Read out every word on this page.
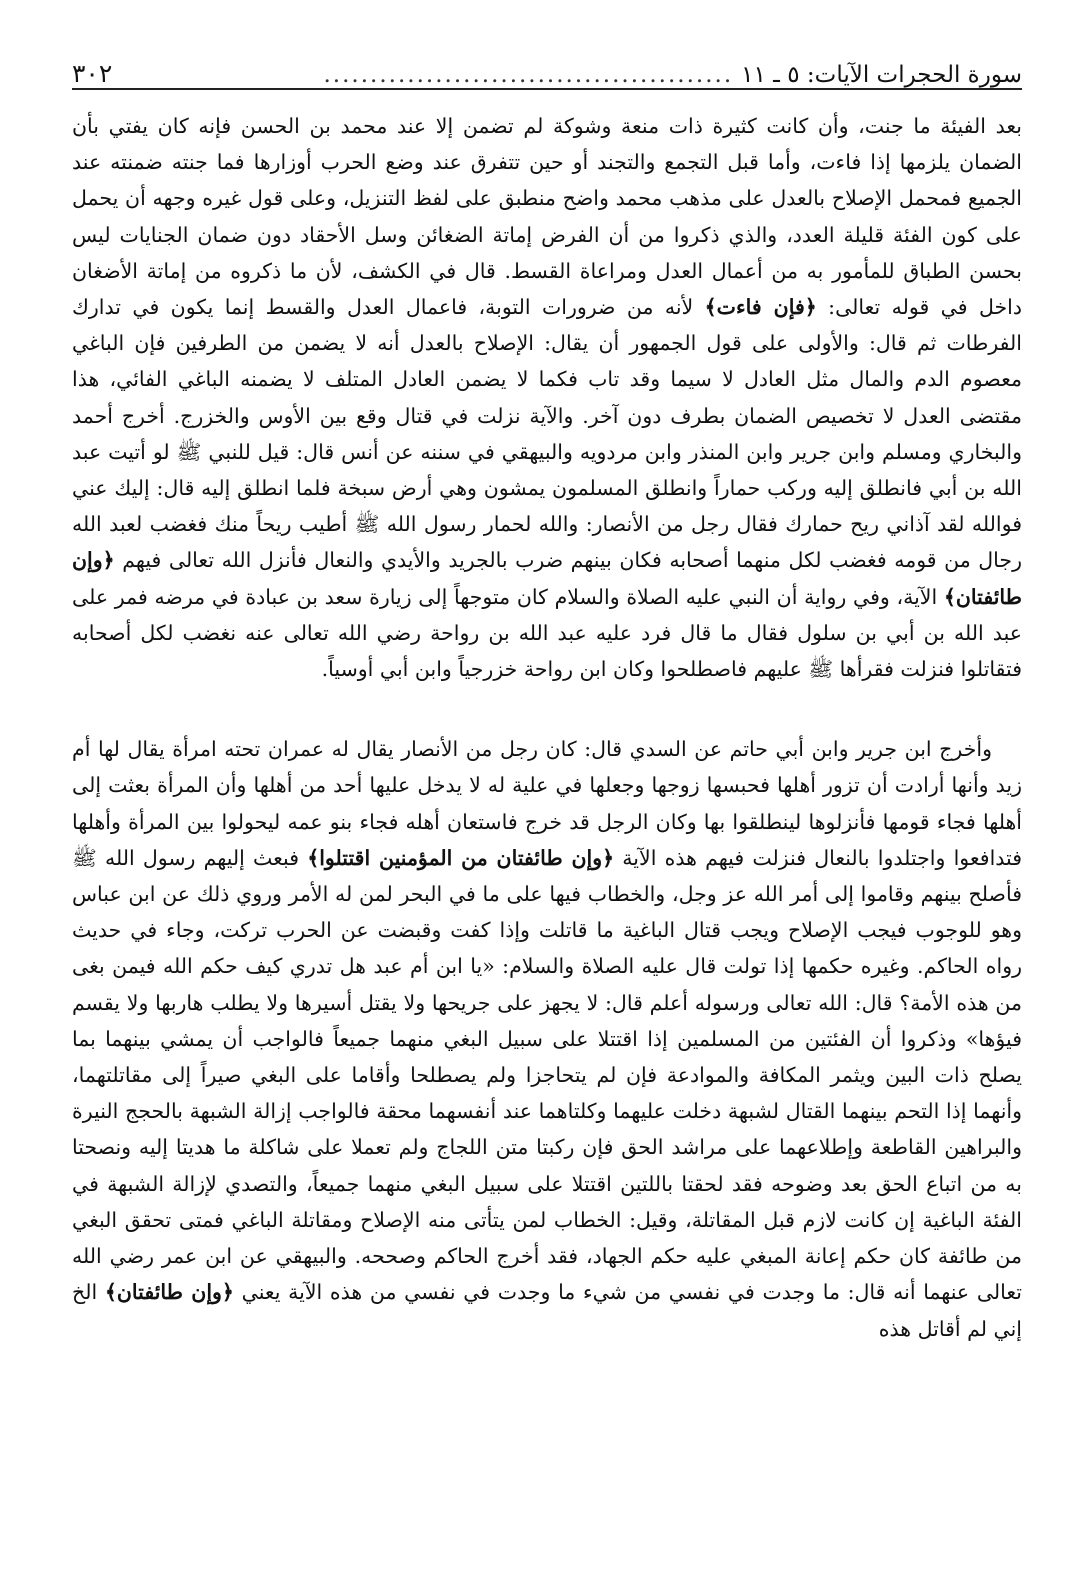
سورة الحجرات الآيات: ٥ ـ ١١
............................................
٣٠٢

بعد الفيئة ما جنت، وأن كانت كثيرة ذات منعة وشوكة لم تضمن إلا عند محمد بن الحسن فإنه كان يفتي بأن الضمان يلزمها إذا فاءت، وأما قبل التجمع والتجند أو حين تتفرق عند وضع الحرب أوزارها فما جنته ضمنته عند الجميع فمحمل الإصلاح بالعدل على مذهب محمد واضح منطبق على لفظ التنزيل، وعلى قول غيره وجهه أن يحمل على كون الفئة قليلة العدد، والذي ذكروا من أن الفرض إماتة الضغائن وسل الأحقاد دون ضمان الجنايات ليس بحسن الطباق للمأمور به من أعمال العدل ومراعاة القسط. قال في الكشف، لأن ما ذكروه من إماتة الأضغان داخل في قوله تعالى: ﴿فإن فاءت﴾ لأنه من ضرورات التوبة، فاعمال العدل والقسط إنما يكون في تدارك الفرطات ثم قال: والأولى على قول الجمهور أن يقال: الإصلاح بالعدل أنه لا يضمن من الطرفين فإن الباغي معصوم الدم والمال مثل العادل لا سيما وقد تاب فكما لا يضمن العادل المتلف لا يضمنه الباغي الفائي، هذا مقتضى العدل لا تخصيص الضمان بطرف دون آخر. والآية نزلت في قتال وقع بين الأوس والخزرج. أخرج أحمد والبخاري ومسلم وابن جرير وابن المنذر وابن مردويه والبيهقي في سننه عن أنس قال: قيل للنبي ﷺ لو أتيت عبد الله بن أبي فانطلق إليه وركب حماراً وانطلق المسلمون يمشون وهي أرض سبخة فلما انطلق إليه قال: إليك عني فوالله لقد آذاني ريح حمارك فقال رجل من الأنصار: والله لحمار رسول الله ﷺ أطيب ريحاً منك فغضب لعبد الله رجال من قومه فغضب لكل منهما أصحابه فكان بينهم ضرب بالجريد والأيدي والنعال فأنزل الله تعالى فيهم ﴿وإن طائفتان﴾ الآية، وفي رواية أن النبي عليه الصلاة والسلام كان متوجهاً إلى زيارة سعد بن عبادة في مرضه فمر على عبد الله بن أبي بن سلول فقال ما قال فرد عليه عبد الله بن رواحة رضي الله تعالى عنه نغضب لكل أصحابه فتقاتلوا فنزلت فقرأها ﷺ عليهم فاصطلحوا وكان ابن رواحة خزرجياً وابن أبي أوسياً.

وأخرج ابن جرير وابن أبي حاتم عن السدي قال: كان رجل من الأنصار يقال له عمران تحته امرأة يقال لها أم زيد وأنها أرادت أن تزور أهلها فحبسها زوجها وجعلها في علية له لا يدخل عليها أحد من أهلها وأن المرأة بعثت إلى أهلها فجاء قومها فأنزلوها لينطلقوا بها وكان الرجل قد خرج فاستعان أهله فجاء بنو عمه ليحولوا بين المرأة وأهلها فتدافعوا واجتلدوا بالنعال فنزلت فيهم هذه الآية ﴿وإن طائفتان من المؤمنين اقتتلوا﴾ فبعث إليهم رسول الله ﷺ فأصلح بينهم وقاموا إلى أمر الله عز وجل، والخطاب فيها على ما في البحر لمن له الأمر وروي ذلك عن ابن عباس وهو للوجوب فيجب الإصلاح ويجب قتال الباغية ما قاتلت وإذا كفت وقبضت عن الحرب تركت، وجاء في حديث رواه الحاكم. وغيره حكمها إذا تولت قال عليه الصلاة والسلام: «يا ابن أم عبد هل تدري كيف حكم الله فيمن بغى من هذه الأمة؟ قال: الله تعالى ورسوله أعلم قال: لا يجهز على جريحها ولا يقتل أسيرها ولا يطلب هاربها ولا يقسم فيؤها» وذكروا أن الفئتين من المسلمين إذا اقتتلا على سبيل البغي منهما جميعاً فالواجب أن يمشي بينهما بما يصلح ذات البين ويثمر المكافة والموادعة فإن لم يتحاجزا ولم يصطلحا وأقاما على البغي صيراً إلى مقاتلتهما، وأنهما إذا التحم بينهما القتال لشبهة دخلت عليهما وكلتاهما عند أنفسهما محقة فالواجب إزالة الشبهة بالحجج النيرة والبراهين القاطعة وإطلاعهما على مراشد الحق فإن ركبتا متن اللجاج ولم تعملا على شاكلة ما هديتا إليه ونصحتا به من اتباع الحق بعد وضوحه فقد لحقتا باللتين اقتتلا على سبيل البغي منهما جميعاً، والتصدي لإزالة الشبهة في الفئة الباغية إن كانت لازم قبل المقاتلة، وقيل: الخطاب لمن يتأتى منه الإصلاح ومقاتلة الباغي فمتى تحقق البغي من طائفة كان حكم إعانة المبغي عليه حكم الجهاد، فقد أخرج الحاكم وصححه. والبيهقي عن ابن عمر رضي الله تعالى عنهما أنه قال: ما وجدت في نفسي من شيء ما وجدت في نفسي من هذه الآية يعني ﴿وإن طائفتان﴾ الخ إني لم أقاتل هذه
